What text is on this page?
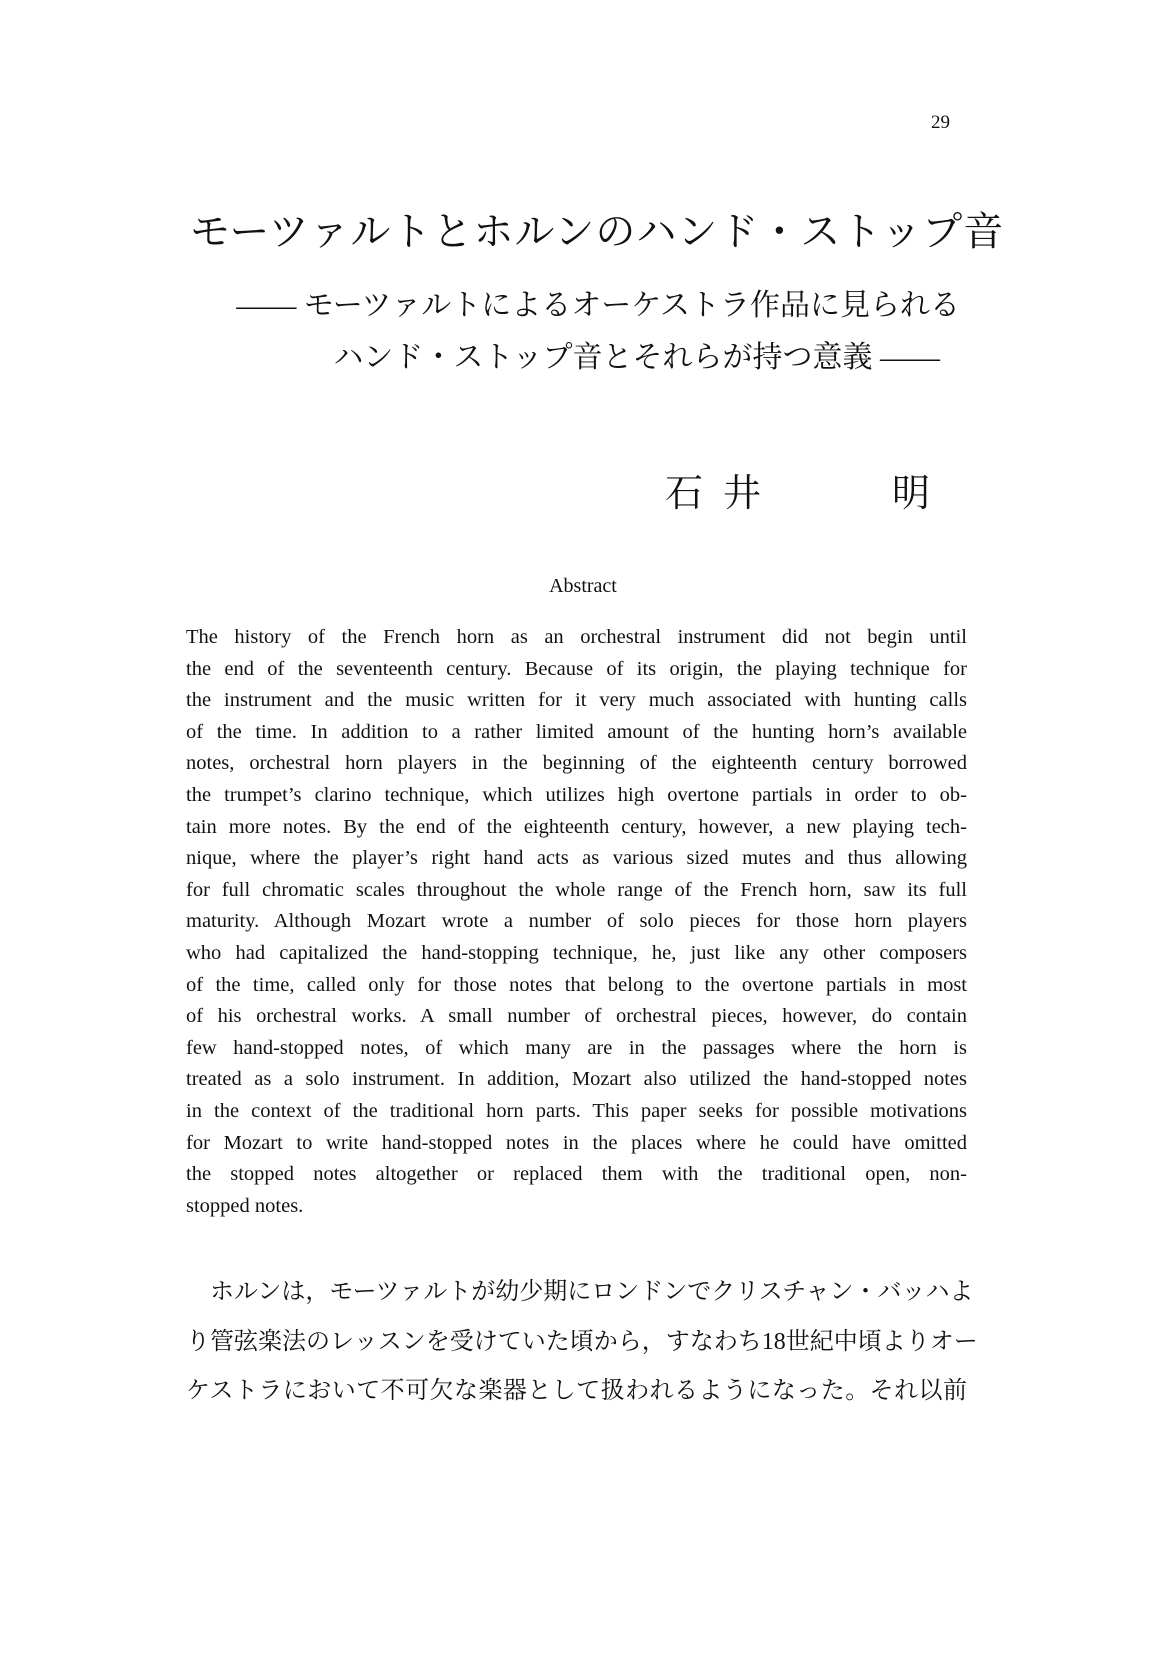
29
モーツァルトとホルンのハンド・ストップ音
—— モーツァルトによるオーケストラ作品に見られる
ハンド・ストップ音とそれらが持つ意義 ——
石 井	明
Abstract
The history of the French horn as an orchestral instrument did not begin until
the end of the seventeenth century. Because of its origin, the playing technique for
the instrument and the music written for it very much associated with hunting calls
of the time. In addition to a rather limited amount of the hunting horn’s available
notes, orchestral horn players in the beginning of the eighteenth century borrowed
the trumpet’s clarino technique, which utilizes high overtone partials in order to ob-
tain more notes. By the end of the eighteenth century, however, a new playing tech-
nique, where the player’s right hand acts as various sized mutes and thus allowing
for full chromatic scales throughout the whole range of the French horn, saw its full
maturity. Although Mozart wrote a number of solo pieces for those horn players
who had capitalized the hand-stopping technique, he, just like any other composers
of the time, called only for those notes that belong to the overtone partials in most
of his orchestral works. A small number of orchestral pieces, however, do contain
few hand-stopped notes, of which many are in the passages where the horn is
treated as a solo instrument. In addition, Mozart also utilized the hand-stopped notes
in the context of the traditional horn parts. This paper seeks for possible motivations
for Mozart to write hand-stopped notes in the places where he could have omitted
the stopped notes altogether or replaced them with the traditional open, non-
stopped notes.
　ホルンは，モーツァルトが幼少期にロンドンでクリスチャン・バッハよ
り管弦楽法のレッスンを受けていた頃から，すなわち18世紀中頃よりオー
ケストラにおいて不可欠な楽器として扱われるようになった。それ以前
